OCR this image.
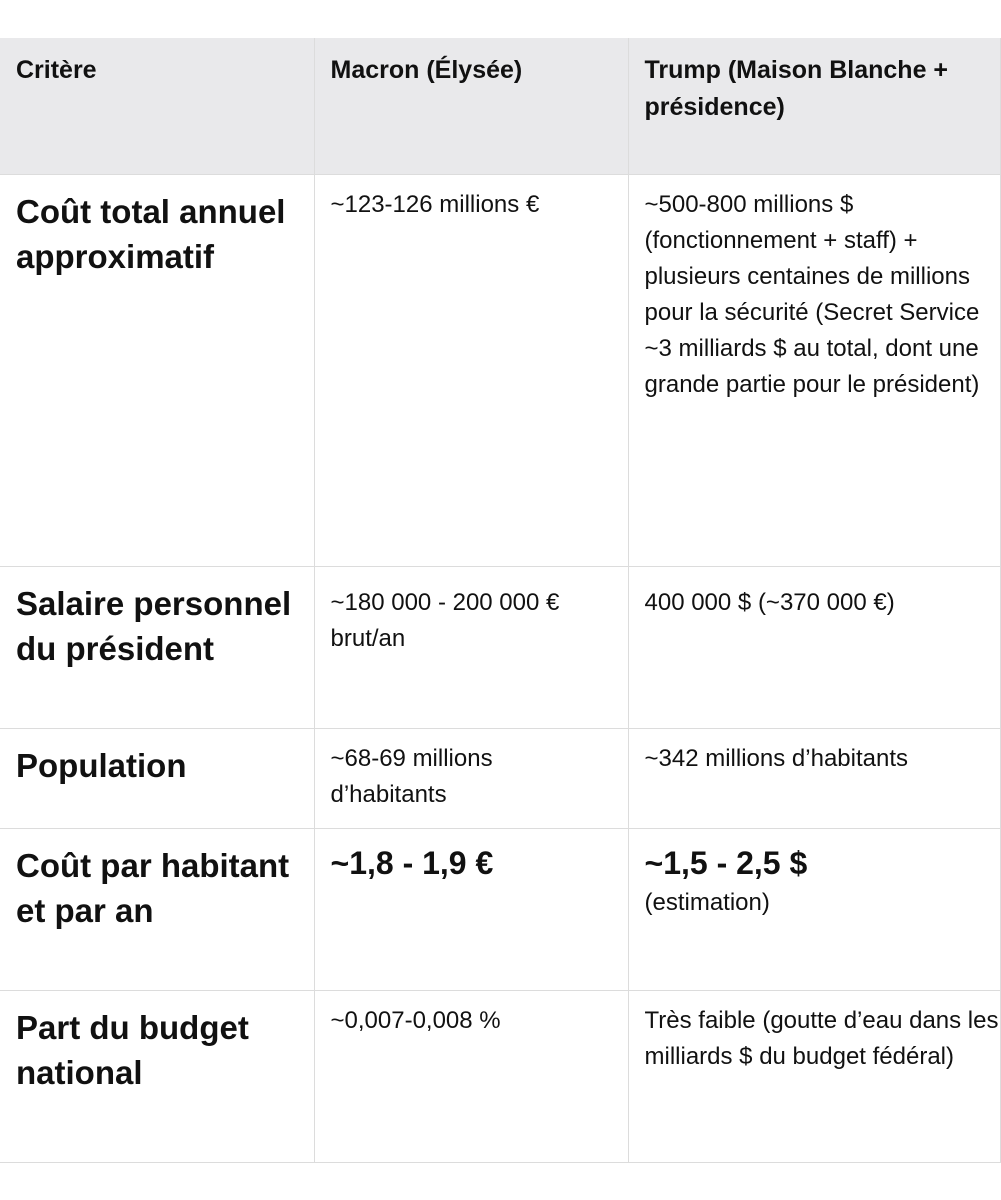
Critère	Macron (Élysée)	Trump (Maison Blanche + présidence)
Coût total annuel approximatif	~123-126 millions €	~500-800 millions $ (fonctionnement + staff) + plusieurs centaines de millions pour la sécurité (Secret Service ~3 milliards $ au total, dont une grande partie pour le président)
Salaire personnel du président	~180 000 - 200 000 € brut/an	400 000 $ (~370 000 €)
Population	~68-69 millions d’habitants	~342 millions d’habitants
Coût par habitant et par an	~1,8 - 1,9 €	~1,5 - 2,5 $
(estimation)

Part du budget national	~0,007-0,008 %	Très faible (goutte d’eau dans les milliards $ du budget fédéral)
